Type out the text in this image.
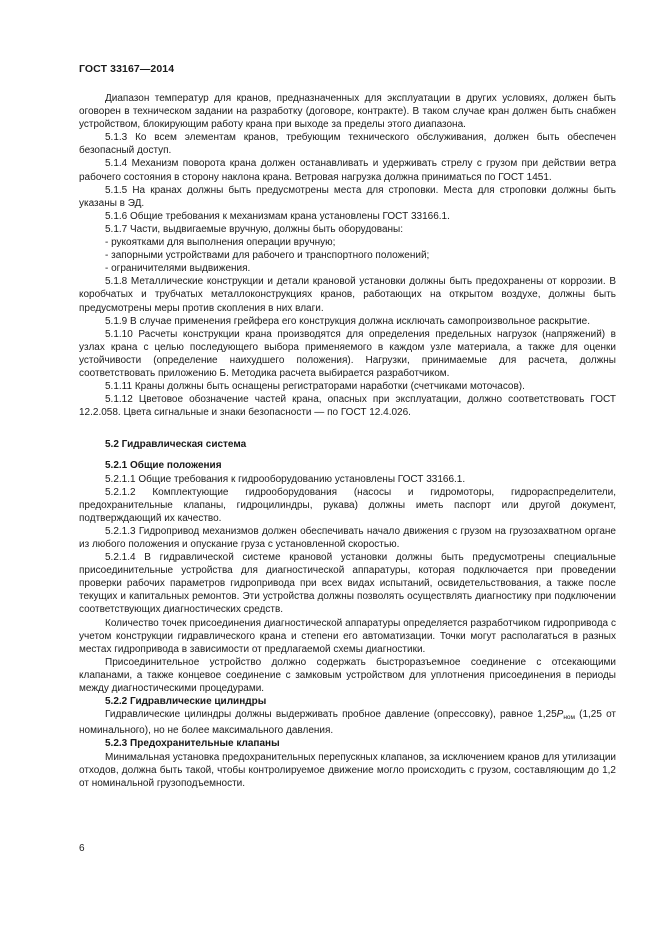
ГОСТ 33167—2014

Диапазон температур для кранов, предназначенных для эксплуатации в других условиях, должен быть оговорен в техническом задании на разработку (договоре, контракте). В таком случае кран должен быть снабжен устройством, блокирующим работу крана при выходе за пределы этого диапазона.

5.1.3 Ко всем элементам кранов, требующим технического обслуживания, должен быть обеспечен безопасный доступ.

5.1.4 Механизм поворота крана должен останавливать и удерживать стрелу с грузом при действии ветра рабочего состояния в сторону наклона крана. Ветровая нагрузка должна приниматься по ГОСТ 1451.

5.1.5 На кранах должны быть предусмотрены места для строповки. Места для строповки должны быть указаны в ЭД.

5.1.6 Общие требования к механизмам крана установлены ГОСТ 33166.1.

5.1.7 Части, выдвигаемые вручную, должны быть оборудованы:

- рукоятками для выполнения операции вручную;

- запорными устройствами для рабочего и транспортного положений;

- ограничителями выдвижения.

5.1.8 Металлические конструкции и детали крановой установки должны быть предохранены от коррозии. В коробчатых и трубчатых металлоконструкциях кранов, работающих на открытом воздухе, должны быть предусмотрены меры против скопления в них влаги.

5.1.9 В случае применения грейфера его конструкция должна исключать самопроизвольное раскрытие.

5.1.10 Расчеты конструкции крана производятся для определения предельных нагрузок (напряжений) в узлах крана с целью последующего выбора применяемого в каждом узле материала, а также для оценки устойчивости (определение наихудшего положения). Нагрузки, принимаемые для расчета, должны соответствовать приложению Б. Методика расчета выбирается разработчиком.

5.1.11 Краны должны быть оснащены регистраторами наработки (счетчиками моточасов).

5.1.12 Цветовое обозначение частей крана, опасных при эксплуатации, должно соответствовать ГОСТ 12.2.058. Цвета сигнальные и знаки безопасности — по ГОСТ 12.4.026.

5.2 Гидравлическая система
5.2.1 Общие положения

5.2.1.1 Общие требования к гидрооборудованию установлены ГОСТ 33166.1.

5.2.1.2 Комплектующие гидрооборудования (насосы и гидромоторы, гидрораспределители, предохранительные клапаны, гидроцилиндры, рукава) должны иметь паспорт или другой документ, подтверждающий их качество.

5.2.1.3 Гидропривод механизмов должен обеспечивать начало движения с грузом на грузозахватном органе из любого положения и опускание груза с установленной скоростью.

5.2.1.4 В гидравлической системе крановой установки должны быть предусмотрены специальные присоединительные устройства для диагностической аппаратуры, которая подключается при проведении проверки рабочих параметров гидропривода при всех видах испытаний, освидетельствования, а также после текущих и капитальных ремонтов. Эти устройства должны позволять осуществлять диагностику при подключении соответствующих диагностических средств.

Количество точек присоединения диагностической аппаратуры определяется разработчиком гидропривода с учетом конструкции гидравлического крана и степени его автоматизации. Точки могут располагаться в разных местах гидропривода в зависимости от предлагаемой схемы диагностики.

Присоединительное устройство должно содержать быстроразъемное соединение с отсекающими клапанами, а также концевое соединение с замковым устройством для уплотнения присоединения в периоды между диагностическими процедурами.

5.2.2 Гидравлические цилиндры

Гидравлические цилиндры должны выдерживать пробное давление (опрессовку), равное $1,25P_{ном}$ (1,25 от номинального), но не более максимального давления.

5.2.3 Предохранительные клапаны

Минимальная установка предохранительных перепускных клапанов, за исключением кранов для утилизации отходов, должна быть такой, чтобы контролируемое движение могло происходить с грузом, составляющим до 1,2 от номинальной грузоподъемности.

6
